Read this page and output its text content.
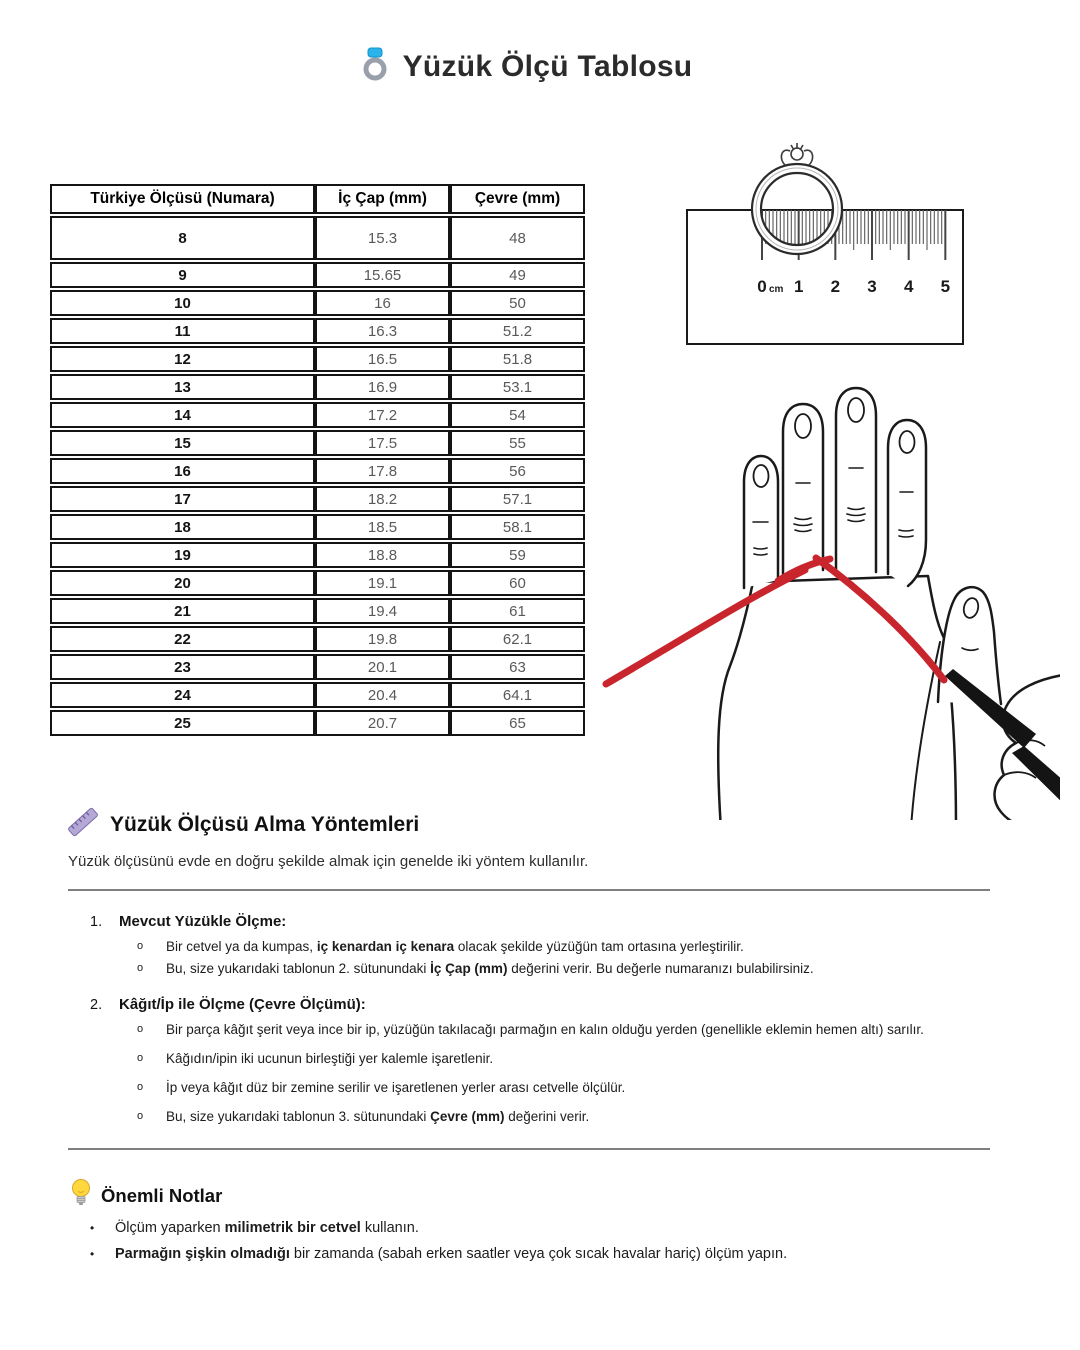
Yüzük Ölçü Tablosu
Türkiye Ölçüsü (Numara)	İç Çap (mm)	Çevre (mm)
8	15.3	48
9	15.65	49
10	16	50
11	16.3	51.2
12	16.5	51.8
13	16.9	53.1
14	17.2	54
15	17.5	55
16	17.8	56
17	18.2	57.1
18	18.5	58.1
19	18.8	59
20	19.1	60
21	19.4	61
22	19.8	62.1
23	20.1	63
24	20.4	64.1
25	20.7	65
0 cm 1 2 3 4 5
Yüzük Ölçüsü Alma Yöntemleri

Yüzük ölçüsünü evde en doğru şekilde almak için genelde iki yöntem kullanılır.

1. Mevcut Yüzükle Ölçme:
o	Bir cetvel ya da kumpas, iç kenardan iç kenara olacak şekilde yüzüğün tam ortasına yerleştirilir.
o	Bu, size yukarıdaki tablonun 2. sütunundaki İç Çap (mm) değerini verir. Bu değerle numaranızı bulabilirsiniz.
2. Kâğıt/İp ile Ölçme (Çevre Ölçümü):
o	Bir parça kâğıt şerit veya ince bir ip, yüzüğün takılacağı parmağın en kalın olduğu yerden (genellikle eklemin hemen altı) sarılır.
o	Kâğıdın/ipin iki ucunun birleştiği yer kalemle işaretlenir.
o	İp veya kâğıt düz bir zemine serilir ve işaretlenen yerler arası cetvelle ölçülür.
o	Bu, size yukarıdaki tablonun 3. sütunundaki Çevre (mm) değerini verir.
Önemli Notlar
•	Ölçüm yaparken milimetrik bir cetvel kullanın.
•	Parmağın şişkin olmadığı bir zamanda (sabah erken saatler veya çok sıcak havalar hariç) ölçüm yapın.
